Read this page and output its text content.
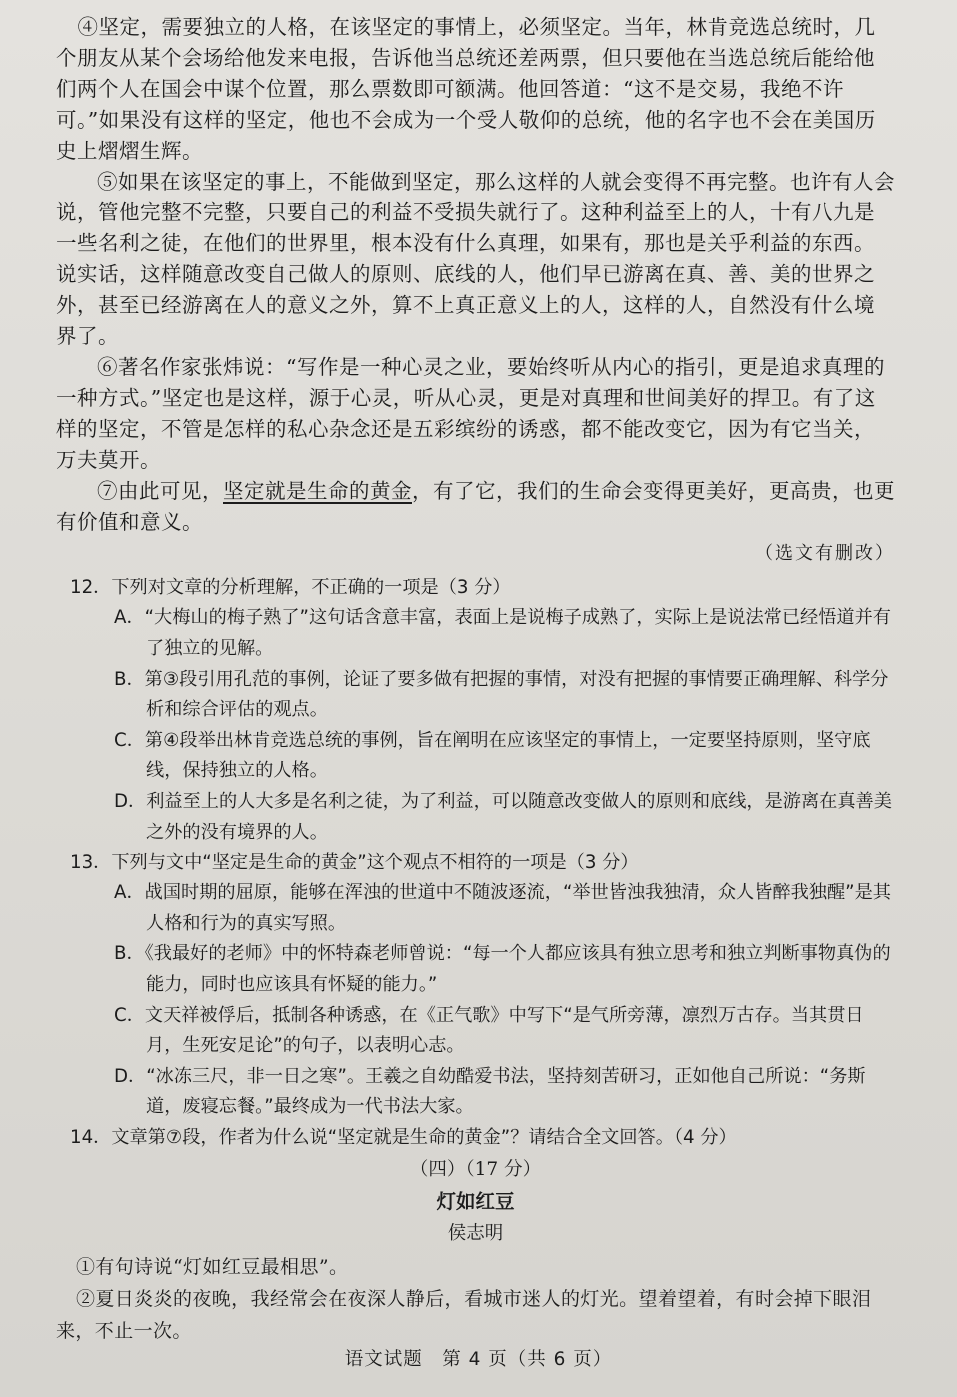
④坚定，需要独立的人格，在该坚定的事情上，必须坚定。当年，林肯竞选总统时，几个朋友从某个会场给他发来电报，告诉他当总统还差两票，但只要他在当选总统后能给他们两个人在国会中谋个位置，那么票数即可额满。他回答道：“这不是交易，我绝不许可。”如果没有这样的坚定，他也不会成为一个受人敬仰的总统，他的名字也不会在美国历史上熠熠生辉。

⑤如果在该坚定的事上，不能做到坚定，那么这样的人就会变得不再完整。也许有人会说，管他完整不完整，只要自己的利益不受损失就行了。这种利益至上的人，十有八九是一些名利之徒，在他们的世界里，根本没有什么真理，如果有，那也是关乎利益的东西。说实话，这样随意改变自己做人的原则、底线的人，他们早已游离在真、善、美的世界之外，甚至已经游离在人的意义之外，算不上真正意义上的人，这样的人，自然没有什么境界了。

⑥著名作家张炜说：“写作是一种心灵之业，要始终听从内心的指引，更是追求真理的一种方式。”坚定也是这样，源于心灵，听从心灵，更是对真理和世间美好的捍卫。有了这样的坚定，不管是怎样的私心杂念还是五彩缤纷的诱惑，都不能改变它，因为有它当关，万夫莫开。

⑦由此可见，坚定就是生命的黄金，有了它，我们的生命会变得更美好，更高贵，也更有价值和意义。

（选文有删改）

12．下列对文章的分析理解，不正确的一项是（3 分）

A．“大梅山的梅子熟了”这句话含意丰富，表面上是说梅子成熟了，实际上是说法常已经悟道并有了独立的见解。

B．第③段引用孔范的事例，论证了要多做有把握的事情，对没有把握的事情要正确理解、科学分析和综合评估的观点。

C．第④段举出林肯竞选总统的事例，旨在阐明在应该坚定的事情上，一定要坚持原则，坚守底线，保持独立的人格。

D．利益至上的人大多是名利之徒，为了利益，可以随意改变做人的原则和底线，是游离在真善美之外的没有境界的人。

13．下列与文中“坚定是生命的黄金”这个观点不相符的一项是（3 分）

A．战国时期的屈原，能够在浑浊的世道中不随波逐流，“举世皆浊我独清，众人皆醉我独醒”是其人格和行为的真实写照。

B．《我最好的老师》中的怀特森老师曾说：“每一个人都应该具有独立思考和独立判断事物真伪的能力，同时也应该具有怀疑的能力。”

C．文天祥被俘后，抵制各种诱惑，在《正气歌》中写下“是气所旁薄，凛烈万古存。当其贯日月，生死安足论”的句子，以表明心志。

D．“冰冻三尺，非一日之寒”。王羲之自幼酷爱书法，坚持刻苦研习，正如他自己所说：“务斯道，废寝忘餐。”最终成为一代书法大家。

14．文章第⑦段，作者为什么说“坚定就是生命的黄金”？请结合全文回答。（4 分）

（四）（17 分）
灯如红豆
侯志明

①有句诗说“灯如红豆最相思”。

②夏日炎炎的夜晚，我经常会在夜深人静后，看城市迷人的灯光。望着望着，有时会掉下眼泪来，不止一次。

语文试题　第 4 页（共 6 页）
